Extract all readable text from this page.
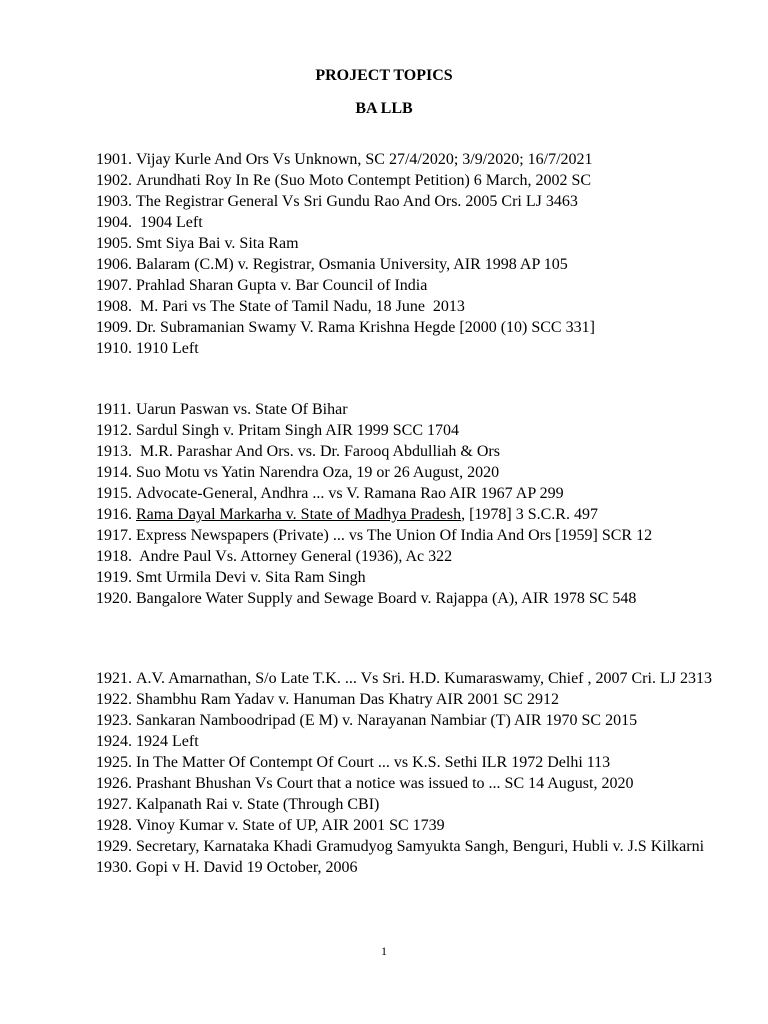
PROJECT TOPICS
BA LLB
1901. Vijay Kurle And Ors Vs Unknown, SC 27/4/2020; 3/9/2020; 16/7/2021
1902. Arundhati Roy In Re (Suo Moto Contempt Petition) 6 March, 2002 SC
1903. The Registrar General Vs Sri Gundu Rao And Ors. 2005 Cri LJ 3463
1904. 1904 Left
1905. Smt Siya Bai v. Sita Ram
1906. Balaram (C.M) v. Registrar, Osmania University, AIR 1998 AP 105
1907. Prahlad Sharan Gupta v. Bar Council of India
1908. M. Pari vs The State of Tamil Nadu, 18 June  2013
1909. Dr. Subramanian Swamy V. Rama Krishna Hegde [2000 (10) SCC 331]
1910. 1910 Left
1911. Uarun Paswan vs. State Of Bihar
1912. Sardul Singh v. Pritam Singh AIR 1999 SCC 1704
1913. M.R. Parashar And Ors. vs. Dr. Farooq Abdulliah & Ors
1914. Suo Motu vs Yatin Narendra Oza, 19 or 26 August, 2020
1915. Advocate-General, Andhra ... vs V. Ramana Rao AIR 1967 AP 299
1916. Rama Dayal Markarha v. State of Madhya Pradesh, [1978] 3 S.C.R. 497
1917. Express Newspapers (Private) ... vs The Union Of India And Ors [1959] SCR 12
1918. Andre Paul Vs. Attorney General (1936), Ac 322
1919. Smt Urmila Devi v. Sita Ram Singh
1920. Bangalore Water Supply and Sewage Board v. Rajappa (A), AIR 1978 SC 548
1921. A.V. Amarnathan, S/o Late T.K. ... Vs Sri. H.D. Kumaraswamy, Chief , 2007 Cri. LJ 2313
1922. Shambhu Ram Yadav v. Hanuman Das Khatry AIR 2001 SC 2912
1923. Sankaran Namboodripad (E M) v. Narayanan Nambiar (T) AIR 1970 SC 2015
1924. 1924 Left
1925. In The Matter Of Contempt Of Court ... vs K.S. Sethi ILR 1972 Delhi 113
1926. Prashant Bhushan Vs Court that a notice was issued to ... SC 14 August, 2020
1927. Kalpanath Rai v. State (Through CBI)
1928. Vinoy Kumar v. State of UP, AIR 2001 SC 1739
1929. Secretary, Karnataka Khadi Gramudyog Samyukta Sangh, Benguri, Hubli v. J.S Kilkarni
1930. Gopi v H. David 19 October, 2006
1
